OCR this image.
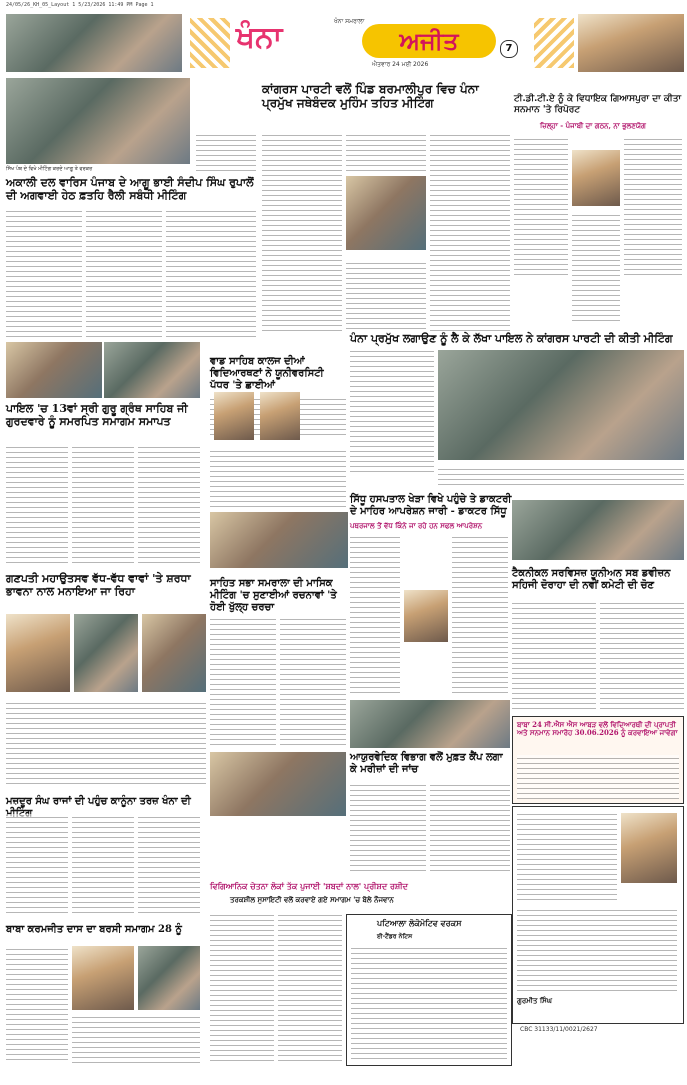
24/05/26_KH_05_Layout 1 5/23/2026 11:49 PM Page 1
ਖੰਨਾ ਸਮਰਾਲਾ
ਖੰਨਾ	ਅਜੀਤ
ਐਤਵਾਰ 24 ਮਈ 2026
7
ਸਿੱਖ ਪੰਥ ਦੇ ਵਿਖੇ ਮੀਟਿੰਗ ਕਰਦੇ ਆਗੂ ਤੇ ਵਰਕਰ
ਅਕਾਲੀ ਦਲ ਵਾਰਿਸ ਪੰਜਾਬ ਦੇ ਆਗੂ ਭਾਈ ਸੰਦੀਪ ਸਿੰਘ ਰੁਪਾਲੋਂ ਦੀ ਅਗਵਾਈ ਹੇਠ ਫ਼ਤਹਿ ਰੈਲੀ ਸਬੰਧੀ ਮੀਟਿੰਗ
ਕਾਂਗਰਸ ਪਾਰਟੀ ਵਲੋਂ ਪਿੰਡ ਬਰਮਾਲੀਪੁਰ ਵਿਚ ਪੰਨਾ ਪ੍ਰਮੁੱਖ ਜਥੇਬੰਦਕ ਮੁਹਿੰਮ ਤਹਿਤ ਮੀਟਿੰਗ	ਟੀ.ਡੀ.ਟੀ.ਏ ਨੂੰ ਕੇ ਵਿਧਾਇਕ ਗਿਆਸਪੁਰਾ ਦਾ ਕੀਤਾ ਸਨਮਾਨ 'ਤੇ ਰਿਪੋਰਟ
ਜ਼ਿਲ੍ਹਾ - ਪੰਜਾਬੀ ਦਾ ਗਠਨ, ਨਾ ਭੁਲਣਯੋਗ
ਪੰਨਾ ਪ੍ਰਮੁੱਖ ਲਗਾਉਣ ਨੂੰ ਲੈ ਕੇ ਲੱਖਾ ਪਾਇਲ ਨੇ ਕਾਂਗਰਸ ਪਾਰਟੀ ਦੀ ਕੀਤੀ ਮੀਟਿੰਗ
ਪਾਇਲ 'ਚ 13ਵਾਂ ਸ੍ਰੀ ਗੁਰੂ ਗ੍ਰੰਥ ਸਾਹਿਬ ਜੀ ਗੁਰਦਵਾਰੇ ਨੂੰ ਸਮਰਪਿਤ ਸਮਾਗਮ ਸਮਾਪਤ
ਵਾਡ ਸਾਹਿਬ ਕਾਲਜ ਦੀਆਂ ਵਿਦਿਆਰਥਣਾਂ ਨੇ ਯੂਨੀਵਰਸਿਟੀ ਪੱਧਰ 'ਤੇ ਛਾਈਆਂ
ਸਿੱਧੂ ਹਸਪਤਾਲ ਖੇੜਾ ਵਿਖੇ ਪਹੁੰਚੇ ਤੇ ਡਾਕਟਰੀ ਦੇ ਮਾਹਿਰ ਆਪਰੇਸ਼ਨ ਜਾਰੀ - ਡਾਕਟਰ ਸਿੱਧੂ
ਪਥਰਜਾਲ ਤੋਂ ਵੱਧ ਕਿੰਨੇ ਜਾ ਰਹੇ ਹਨ ਸਫਲ ਆਪਰੇਸ਼ਨ
ਟੈਕਨੀਕਲ ਸਰਵਿਸਜ਼ ਯੂਨੀਅਨ ਸਬ ਡਵੀਜ਼ਨ ਸਹਿਜੀ ਦੋਰਾਹਾ ਦੀ ਨਵੀਂ ਕਮੇਟੀ ਦੀ ਚੋਣ
ਸਾਹਿਤ ਸਭਾ ਸਮਰਾਲਾ ਦੀ ਮਾਸਿਕ ਮੀਟਿੰਗ 'ਚ ਸੁਣਾਈਆਂ ਰਚਨਾਵਾਂ 'ਤੇ ਹੋਈ ਖੁੱਲ੍ਹ ਚਰਚਾ
ਗਣਪਤੀ ਮਹਾਉਤਸਵ ਵੱਧ-ਵੱਧ ਵਾਵਾਂ 'ਤੇ ਸ਼ਰਧਾ ਭਾਵਨਾ ਨਾਲ ਮਨਾਇਆ ਜਾ ਰਿਹਾ
ਆਯੁਰਵੇਦਿਕ ਵਿਭਾਗ ਵਲੋਂ ਮੁਫ਼ਤ ਕੈਂਪ ਲਗਾ ਕੇ ਮਰੀਜ਼ਾਂ ਦੀ ਜਾਂਚ
ਬਾਬਾ 24 ਸੀ.ਐਸ ਐਸ ਆਬੜ ਵਲੋਂ ਵਿਦਿਆਰਥੀ ਦੀ ਪ੍ਰਾਪਤੀ ਅਤੇ ਸਨਮਾਨ ਸਮਾਰੋਹ 30.06.2026 ਨੂੰ ਕਰਵਾਇਆ ਜਾਵੇਗਾ
ਗੁਰਮੀਤ ਸਿੰਘ
ਮਜ਼ਦੂਰ ਸੰਘ ਰਾਜਾਂ ਦੀ ਪਹੁੰਚ ਕਾਨੂੰਨਾ ਤਰਜ਼ ਖੰਨਾ ਦੀ
ਵਿਗਿਆਨਿਕ ਚੇਤਨਾ ਲੋਕਾਂ ਤੱਕ ਪੁਜਾਈ 'ਸ਼ਬਦਾਂ ਨਾਲ' ਪ੍ਰੀਸ਼ਦ ਰਸ਼ੀਦ
ਤਰਕਸ਼ੀਲ ਸੁਸਾਇਟੀ ਵਲੋਂ ਕਰਵਾਏ ਗਏ ਸਮਾਗਮ 'ਚ ਬੋਲੇ ਨੌਜਵਾਨ
ਪਟਿਆਲਾ ਲੋਕੋਮੋਟਿਵ ਵਰਕਸ
ਈ-ਟੈਂਡਰ ਨੋਟਿਸ
ਬਾਬਾ ਕਰਮਜੀਤ ਦਾਸ ਦਾ ਬਰਸੀ ਸਮਾਗਮ 28 ਨੂੰ
CBC 31133/11/0021/2627
